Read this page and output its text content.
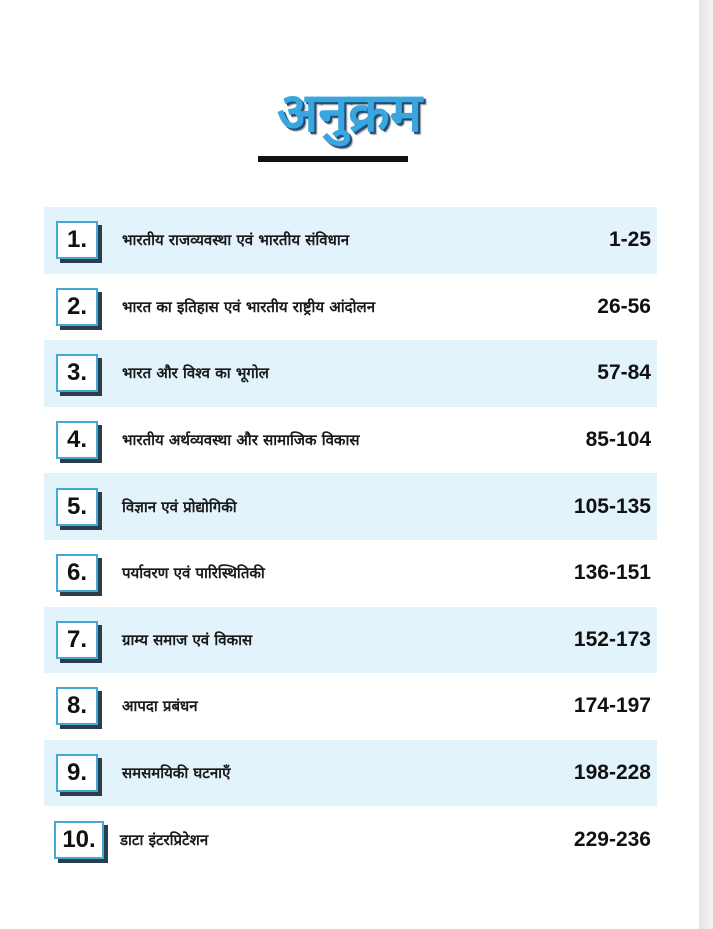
अनुक्रम
1.	भारतीय राजव्यवस्था एवं भारतीय संविधान	1-25
2.	भारत का इतिहास एवं भारतीय राष्ट्रीय आंदोलन	26-56
3.	भारत और विश्व का भूगोल	57-84
4.	भारतीय अर्थव्यवस्था और सामाजिक विकास	85-104
5.	विज्ञान एवं प्रोद्योगिकी	105-135
6.	पर्यावरण एवं पारिस्थितिकी	136-151
7.	ग्राम्य समाज एवं विकास	152-173
8.	आपदा प्रबंधन	174-197
9.	समसमयिकी घटनाएँ	198-228
10.	डाटा इंटरप्रिटेशन	229-236
